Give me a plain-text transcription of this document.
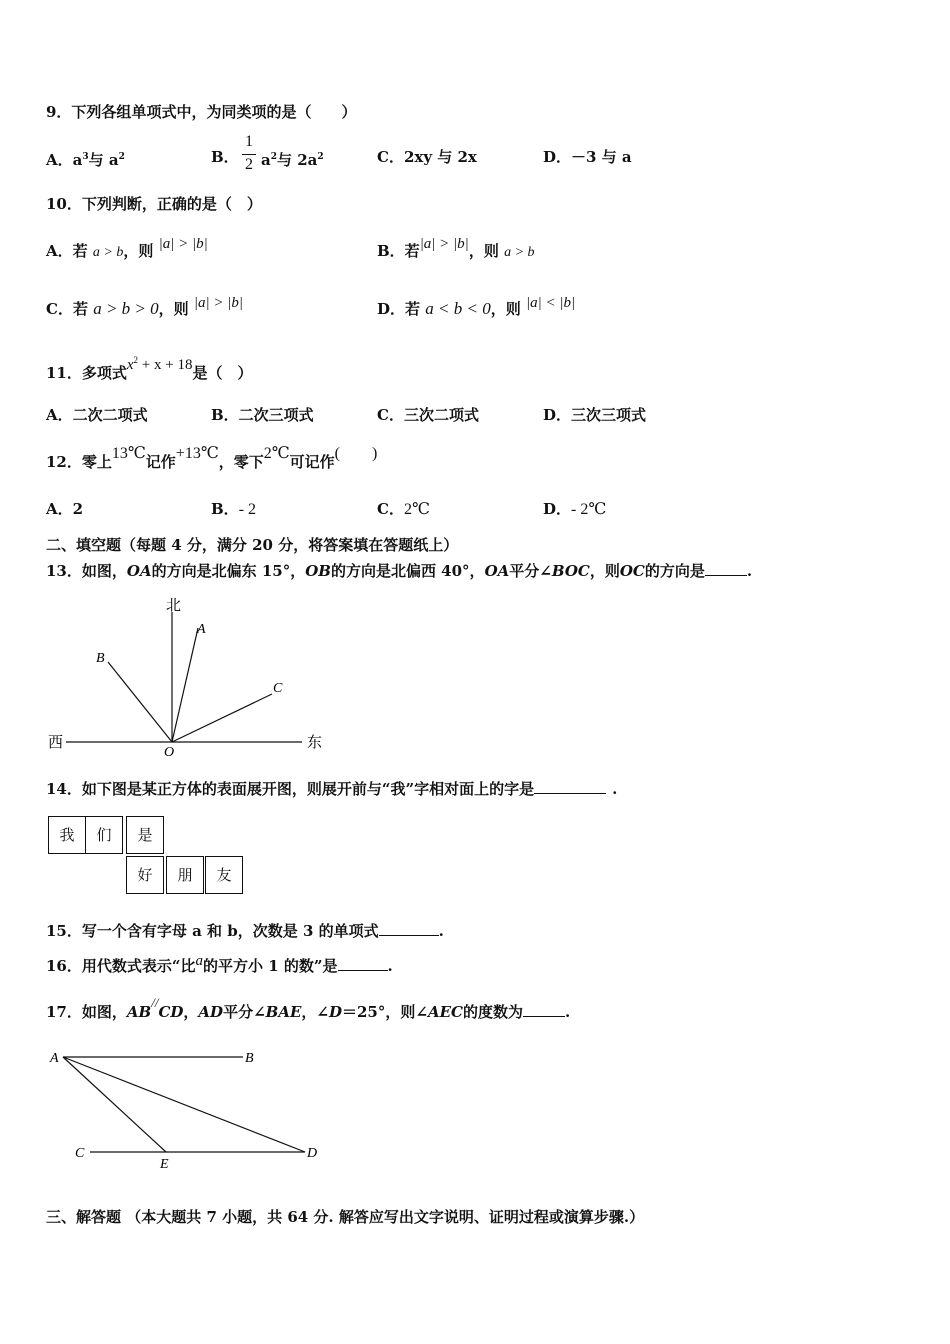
9．下列各组单项式中，为同类项的是（　　）
A．$a^3$与 $a^2$	B．
1
2 $a^2$与 $2a^2$	C．2xy 与 2x	D．－3 与 a
10．下列判断，正确的是（　）
A．若 a > b，则 |a| > |b|	B．若|a| > |b|，则 a > b
C．若 a > b > 0，则 |a| > |b|	D．若 a < b < 0，则 |a| < |b|
11．多项式$x^2 + x + 18$是（　）
A．二次二项式	B．二次三项式	C．三次二项式	D．三次三项式
12．零上13℃记作+13℃，零下2℃可记作(　　)
A．2	B．- 2	C．2℃	D．- 2℃
二、填空题（每题 4 分，满分 20 分，将答案填在答题纸上）
13．如图，OA的方向是北偏东 15°，OB的方向是北偏西 40°，OA平分∠BOC，则OC的方向是	.
北
西	东
O
A
B
C
14．如下图是某正方体的表面展开图，则展开前与“我”字相对面上的字是	.
我	们	是
好	朋	友
15．写一个含有字母 a 和 b，次数是 3 的单项式	.
16．用代数式表示“比a的平方小 1 的数”是	.
17．如图，AB//CD，AD平分∠BAE，∠D＝25°，则∠AEC的度数为	.
A	B
C	D
E
三、解答题 （本大题共 7 小题，共 64 分. 解答应写出文字说明、证明过程或演算步骤.）
